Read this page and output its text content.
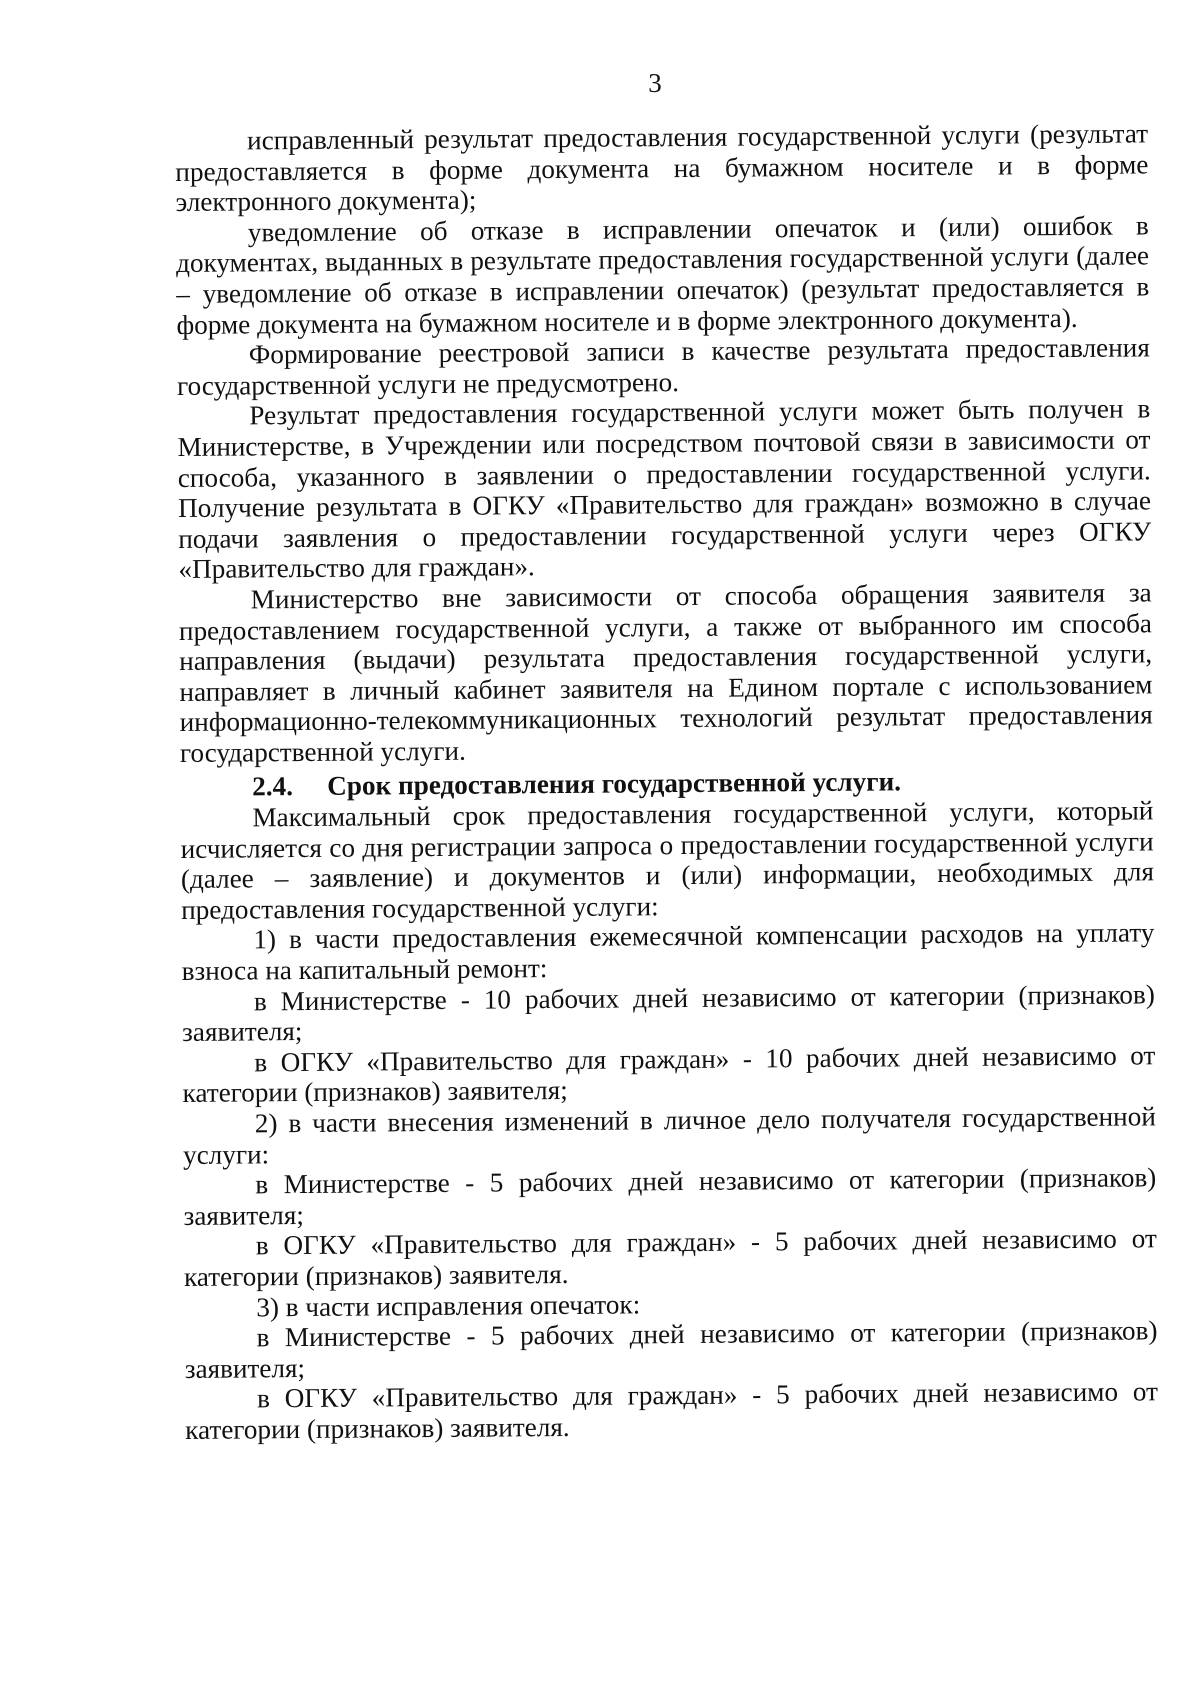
3

исправленный результат предоставления государственной услуги (результат предоставляется в форме документа на бумажном носителе и в форме электронного документа);

уведомление об отказе в исправлении опечаток и (или) ошибок в документах, выданных в результате предоставления государственной услуги (далее – уведомление об отказе в исправлении опечаток) (результат предоставляется в форме документа на бумажном носителе и в форме электронного документа).

Формирование реестровой записи в качестве результата предоставления государственной услуги не предусмотрено.

Результат предоставления государственной услуги может быть получен в Министерстве, в Учреждении или посредством почтовой связи в зависимости от способа, указанного в заявлении о предоставлении государственной услуги. Получение результата в ОГКУ «Правительство для граждан» возможно в случае подачи заявления о предоставлении государственной услуги через ОГКУ «Правительство для граждан».

Министерство вне зависимости от способа обращения заявителя за предоставлением государственной услуги, а также от выбранного им способа направления (выдачи) результата предоставления государственной услуги, направляет в личный кабинет заявителя на Едином портале с использованием информационно-телекоммуникационных технологий результат предоставления государственной услуги.

2.4. Срок предоставления государственной услуги.

Максимальный срок предоставления государственной услуги, который исчисляется со дня регистрации запроса о предоставлении государственной услуги (далее – заявление) и документов и (или) информации, необходимых для предоставления государственной услуги:

1) в части предоставления ежемесячной компенсации расходов на уплату взноса на капитальный ремонт:

в Министерстве - 10 рабочих дней независимо от категории (признаков) заявителя;

в ОГКУ «Правительство для граждан» - 10 рабочих дней независимо от категории (признаков) заявителя;

2) в части внесения изменений в личное дело получателя государственной услуги:

в Министерстве - 5 рабочих дней независимо от категории (признаков) заявителя;

в ОГКУ «Правительство для граждан» - 5 рабочих дней независимо от категории (признаков) заявителя.

3) в части исправления опечаток:

в Министерстве - 5 рабочих дней независимо от категории (признаков) заявителя;

в ОГКУ «Правительство для граждан» - 5 рабочих дней независимо от категории (признаков) заявителя.
